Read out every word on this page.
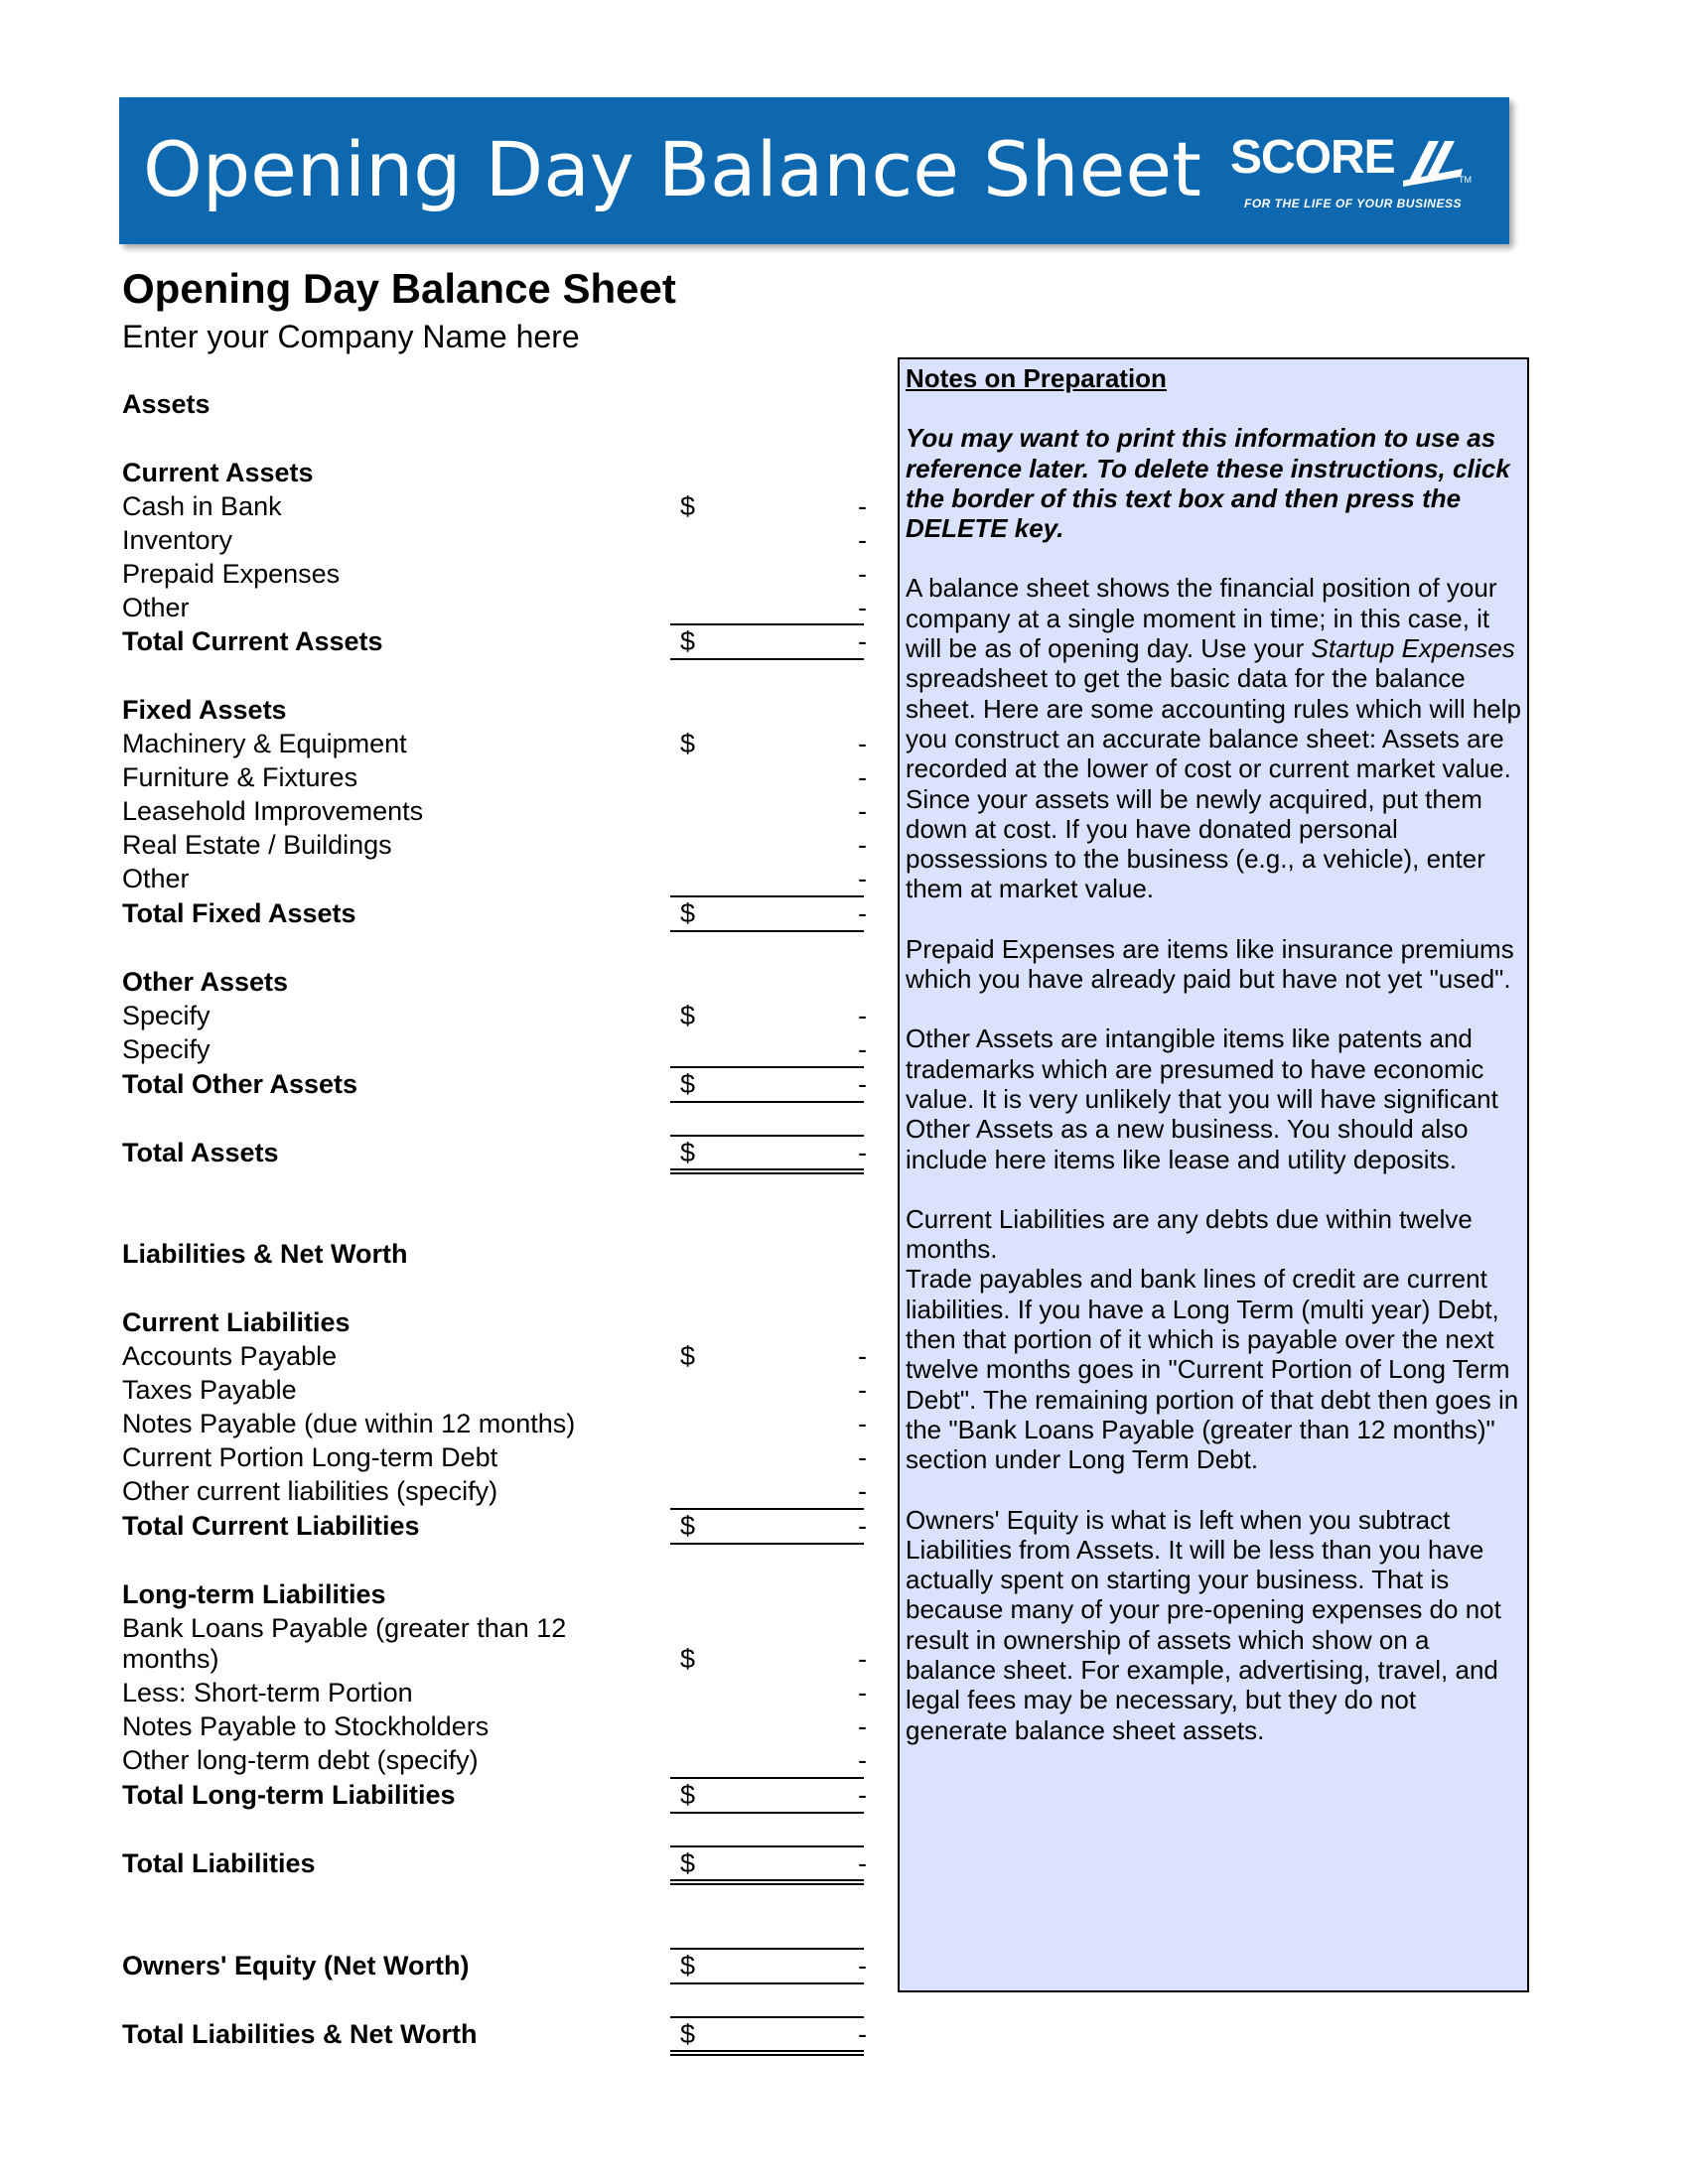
Opening Day Balance Sheet SCORE	TM
FOR THE LIFE OF YOUR BUSINESS
Opening Day Balance Sheet
Enter your Company Name here
Assets
Current Assets
Cash in Bank	$	-
Inventory	-
Prepaid Expenses	-
Other	-
Total Current Assets	$	-
Fixed Assets
Machinery & Equipment	$	-
Furniture & Fixtures	-
Leasehold Improvements	-
Real Estate / Buildings	-
Other	-
Total Fixed Assets	$	-
Other Assets
Specify	$	-
Specify	-
Total Other Assets	$	-
Total Assets	$	-
Liabilities & Net Worth
Current Liabilities
Accounts Payable	$	-
Taxes Payable	-
Notes Payable (due within 12 months)	-
Current Portion Long-term Debt	-
Other current liabilities (specify)	-
Total Current Liabilities	$	-
Long-term Liabilities
Bank Loans Payable (greater than 12
months)	$	-
Less: Short-term Portion	-
Notes Payable to Stockholders	-
Other long-term debt (specify)	-
Total Long-term Liabilities	$	-
Total Liabilities	$	-
Owners' Equity (Net Worth)	$	-
Total Liabilities & Net Worth	$	-

Notes on Preparation

You may want to print this information to use as reference later. To delete these instructions, click the border of this text box and then press the DELETE key.

A balance sheet shows the financial position of your company at a single moment in time; in this case, it will be as of opening day. Use your Startup Expenses spreadsheet to get the basic data for the balance sheet. Here are some accounting rules which will help you construct an accurate balance sheet: Assets are recorded at the lower of cost or current market value. Since your assets will be newly acquired, put them down at cost. If you have donated personal possessions to the business (e.g., a vehicle), enter them at market value.

Prepaid Expenses are items like insurance premiums which you have already paid but have not yet "used".

Other Assets are intangible items like patents and trademarks which are presumed to have economic value. It is very unlikely that you will have significant Other Assets as a new business. You should also include here items like lease and utility deposits.

Current Liabilities are any debts due within twelve months.

Trade payables and bank lines of credit are current liabilities. If you have a Long Term (multi year) Debt, then that portion of it which is payable over the next twelve months goes in "Current Portion of Long Term Debt". The remaining portion of that debt then goes in the "Bank Loans Payable (greater than 12 months)" section under Long Term Debt.

Owners' Equity is what is left when you subtract Liabilities from Assets. It will be less than you have actually spent on starting your business. That is because many of your pre-opening expenses do not result in ownership of assets which show on a balance sheet. For example, advertising, travel, and legal fees may be necessary, but they do not generate balance sheet assets.
